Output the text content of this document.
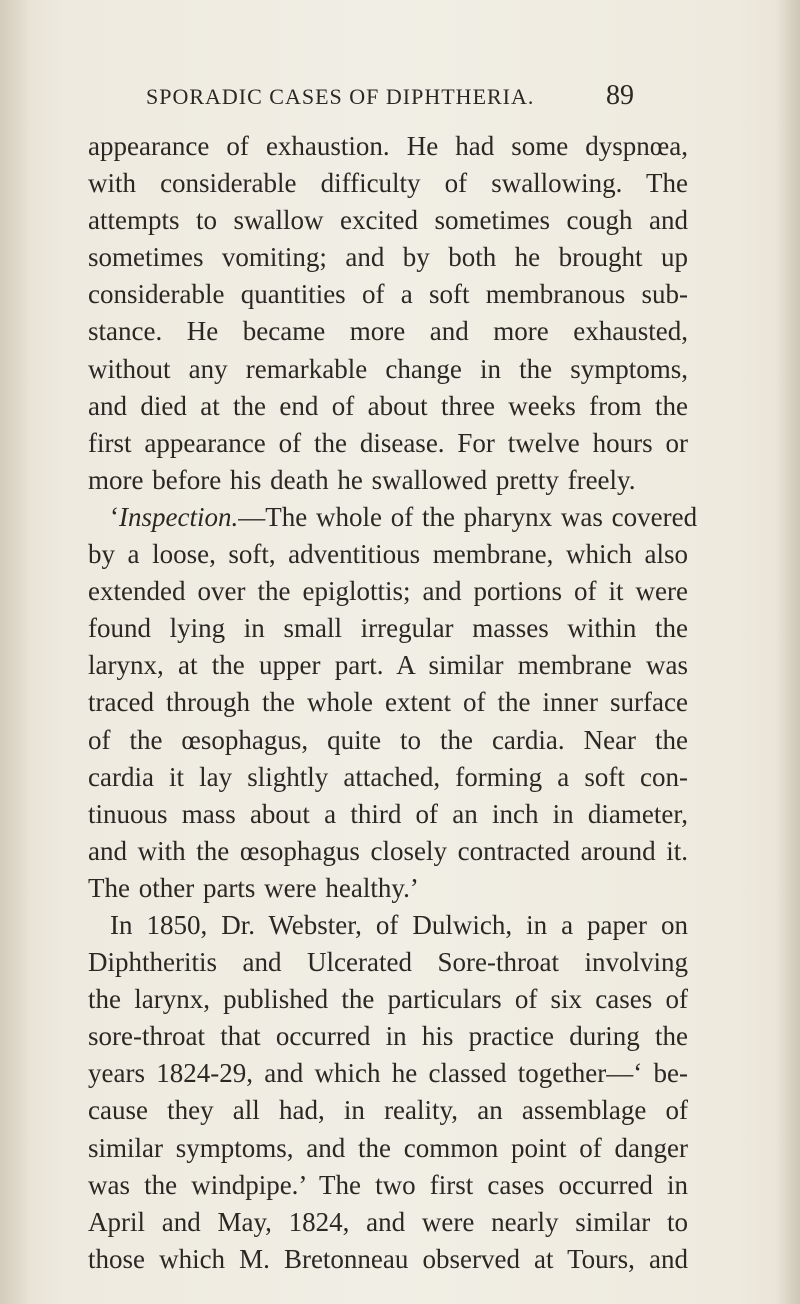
SPORADIC CASES OF DIPHTHERIA.	89
appearance of exhaustion. He had some dyspnœa,
with considerable difficulty of swallowing. The
attempts to swallow excited sometimes cough and
sometimes vomiting; and by both he brought up
considerable quantities of a soft membranous sub-
stance. He became more and more exhausted,
without any remarkable change in the symptoms,
and died at the end of about three weeks from the
first appearance of the disease. For twelve hours or
more before his death he swallowed pretty freely.
‘Inspection.—The whole of the pharynx was covered
by a loose, soft, adventitious membrane, which also
extended over the epiglottis; and portions of it were
found lying in small irregular masses within the
larynx, at the upper part. A similar membrane was
traced through the whole extent of the inner surface
of the œsophagus, quite to the cardia. Near the
cardia it lay slightly attached, forming a soft con-
tinuous mass about a third of an inch in diameter,
and with the œsophagus closely contracted around it.
The other parts were healthy.’
In 1850, Dr. Webster, of Dulwich, in a paper on
Diphtheritis and Ulcerated Sore-throat involving
the larynx, published the particulars of six cases of
sore-throat that occurred in his practice during the
years 1824-29, and which he classed together—‘ be-
cause they all had, in reality, an assemblage of
similar symptoms, and the common point of danger
was the windpipe.’ The two first cases occurred in
April and May, 1824, and were nearly similar to
those which M. Bretonneau observed at Tours, and
